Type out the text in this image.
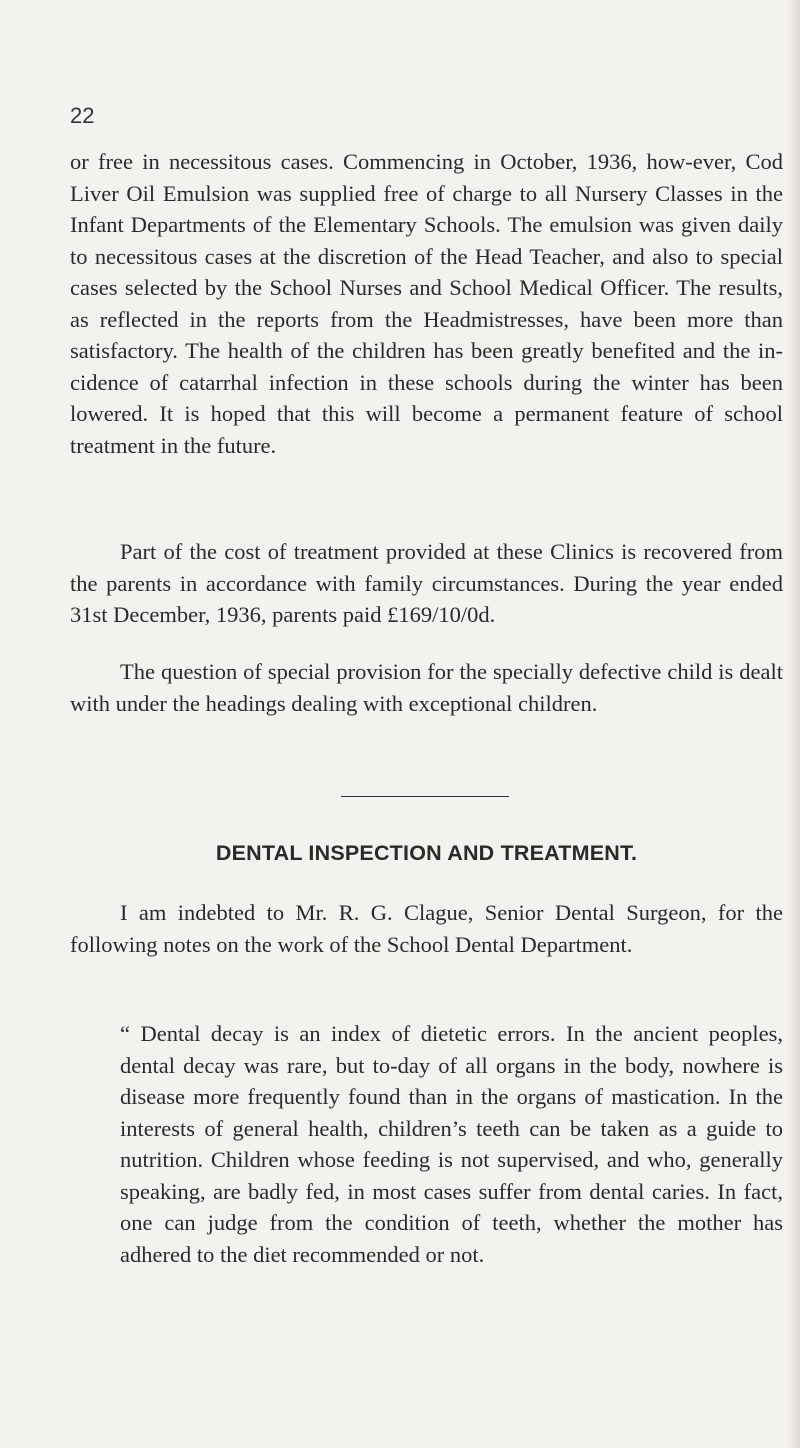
22

or free in necessitous cases. Commencing in October, 1936, how-ever, Cod Liver Oil Emulsion was supplied free of charge to all Nursery Classes in the Infant Departments of the Elementary Schools. The emulsion was given daily to necessitous cases at the discretion of the Head Teacher, and also to special cases selected by the School Nurses and School Medical Officer. The results, as reflected in the reports from the Headmistresses, have been more than satisfactory. The health of the children has been greatly benefited and the in-cidence of catarrhal infection in these schools during the winter has been lowered. It is hoped that this will become a permanent feature of school treatment in the future.

Part of the cost of treatment provided at these Clinics is recovered from the parents in accordance with family circumstances. During the year ended 31st December, 1936, parents paid £169/10/0d.

The question of special provision for the specially defective child is dealt with under the headings dealing with exceptional children.

DENTAL INSPECTION AND TREATMENT.

I am indebted to Mr. R. G. Clague, Senior Dental Surgeon, for the following notes on the work of the School Dental Department.

“ Dental decay is an index of dietetic errors. In the ancient peoples, dental decay was rare, but to-day of all organs in the body, nowhere is disease more frequently found than in the organs of mastication. In the interests of general health, children’s teeth can be taken as a guide to nutrition. Children whose feeding is not supervised, and who, generally speaking, are badly fed, in most cases suffer from dental caries. In fact, one can judge from the condition of teeth, whether the mother has adhered to the diet recommended or not.
